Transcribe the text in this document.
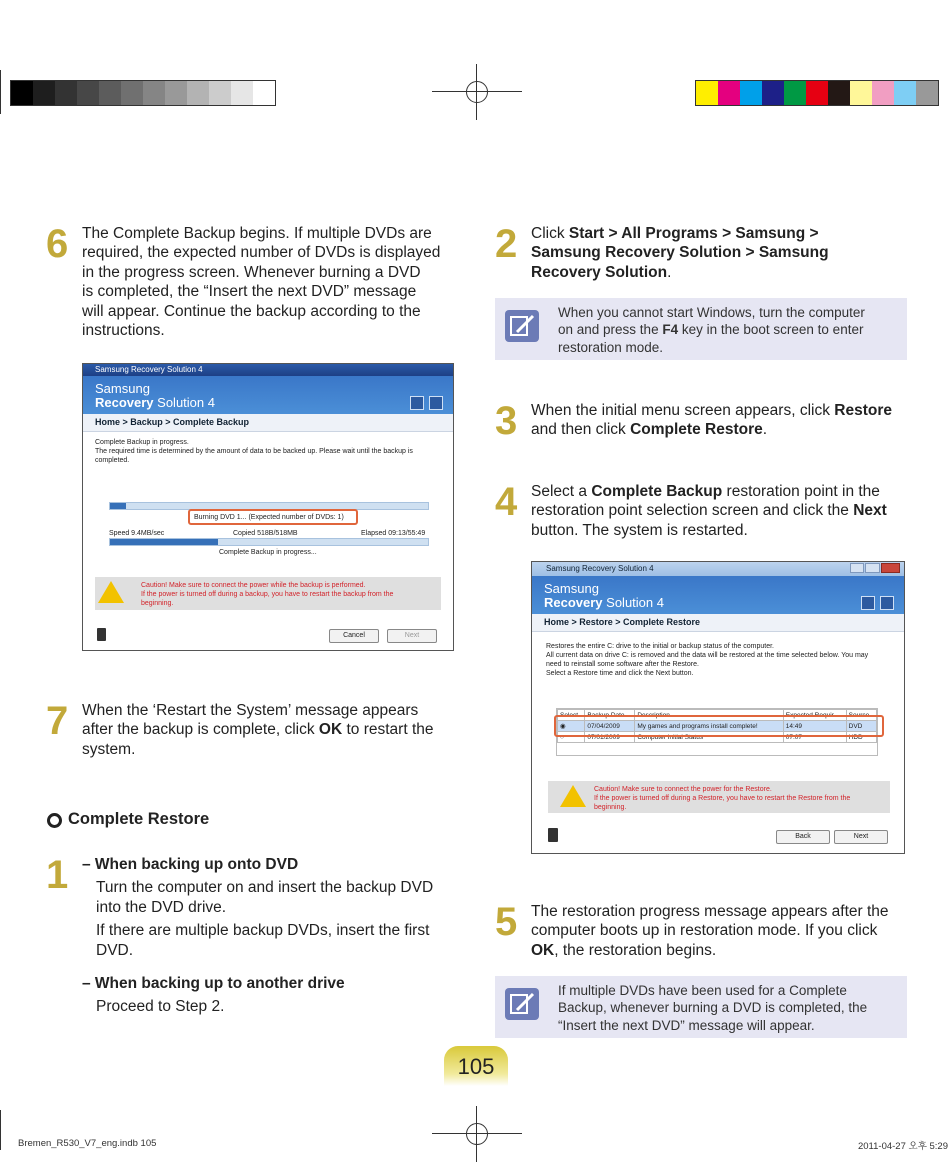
6 The Complete Backup begins. If multiple DVDs are
required, the expected number of DVDs is displayed
in the progress screen. Whenever burning a DVD
is completed, the “Insert the next DVD” message
will appear. Continue the backup according to the
instructions.
Samsung Recovery Solution 4
Samsung
Recovery Solution 4
Home > Backup > Complete Backup
Complete Backup in progress.
The required time is determined by the amount of data to be backed up. Please wait until the backup is
completed.
Burning DVD 1... (Expected number of DVDs: 1)
Speed 9.4MB/sec	Copied 518B/518MB	Elapsed 09:13/55:49
Complete Backup in progress...
Caution! Make sure to connect the power while the backup is performed.
If the power is turned off during a backup, you have to restart the backup from the
beginning.
Cancel	Next
7 When the ‘Restart the System’ message appears
after the backup is complete, click OK to restart the
system.
Complete Restore
1 – When backing up onto DVD
Turn the computer on and insert the backup DVD
into the DVD drive.
If there are multiple backup DVDs, insert the first
DVD.
– When backing up to another drive
Proceed to Step 2.
2 Click Start > All Programs > Samsung >
Samsung Recovery Solution > Samsung
Recovery Solution.
When you cannot start Windows, turn the computer
on and press the F4 key in the boot screen to enter
restoration mode.
3 When the initial menu screen appears, click Restore
and then click Complete Restore.
4 Select a Complete Backup restoration point in the
restoration point selection screen and click the Next
button. The system is restarted.
Samsung Recovery Solution 4
Samsung
Recovery Solution 4
Home > Restore > Complete Restore
Restores the entire C: drive to the initial or backup status of the computer.
All current data on drive C: is removed and the data will be restored at the time selected below. You may
need to reinstall some software after the Restore.
Select a Restore time and click the Next button.
Select	Backup Date	Description	Expected Requir	Source
◉	07/04/2009	My games and programs install complete!	14:49	DVD
○	07/01/2009	Computer Initial Status	07:07	HDD
Caution! Make sure to connect the power for the Restore.
If the power is turned off during a Restore, you have to restart the Restore from the
beginning.
Back	Next
5 The restoration progress message appears after the
computer boots up in restoration mode. If you click
OK, the restoration begins.
If multiple DVDs have been used for a Complete
Backup, whenever burning a DVD is completed, the
“Insert the next DVD” message will appear.
105
Bremen_R530_V7_eng.indb 105	2011-04-27 오후 5:29
